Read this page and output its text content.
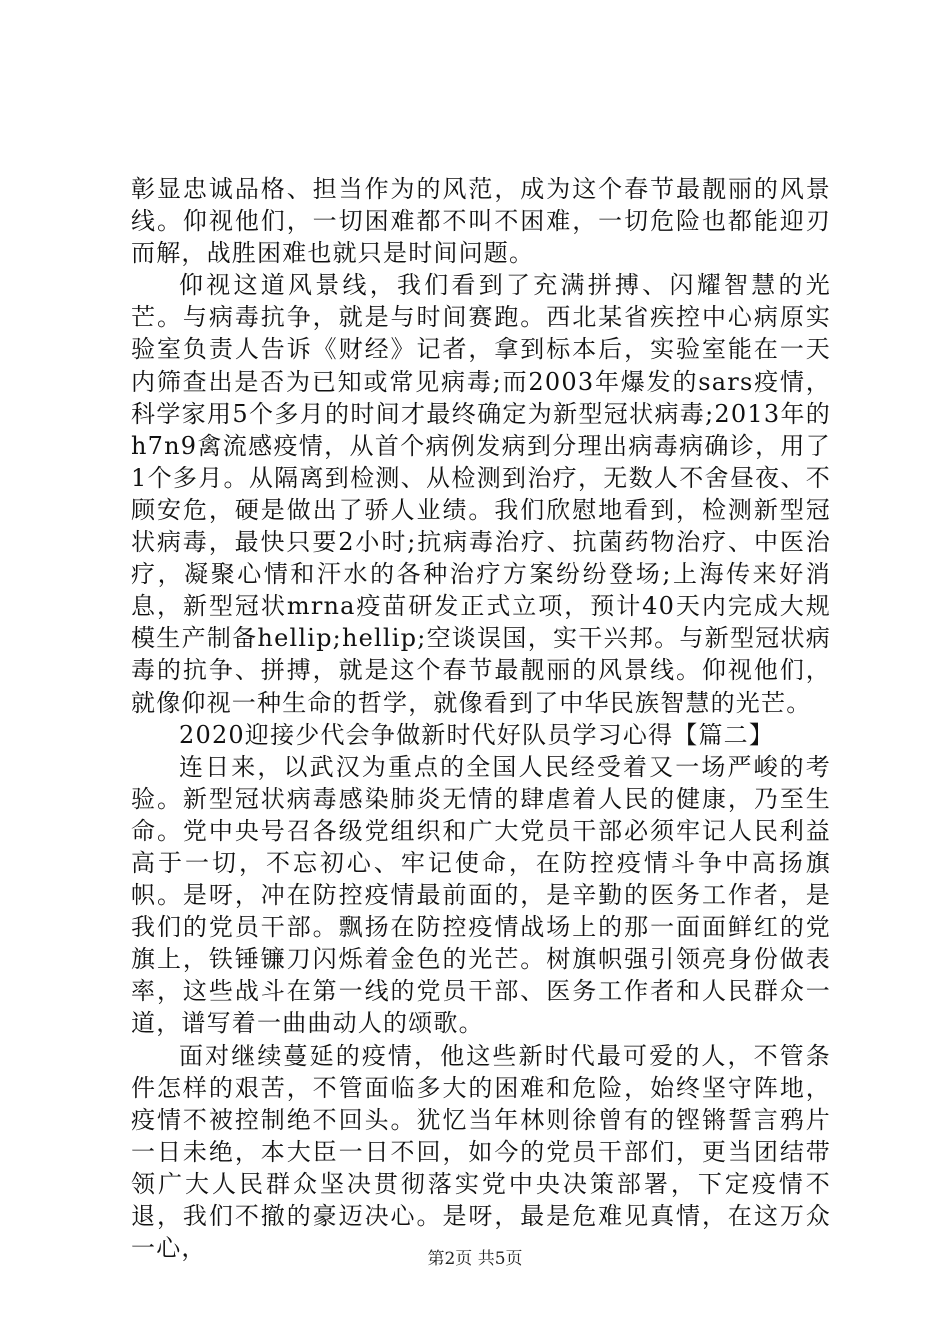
彰显忠诚品格、担当作为的风范，成为这个春节最靓丽的风景线。仰视他们，一切困难都不叫不困难，一切危险也都能迎刃而解，战胜困难也就只是时间问题。

仰视这道风景线，我们看到了充满拼搏、闪耀智慧的光芒。与病毒抗争，就是与时间赛跑。西北某省疾控中心病原实验室负责人告诉《财经》记者，拿到标本后，实验室能在一天内筛查出是否为已知或常见病毒;而2003年爆发的sars疫情，科学家用5个多月的时间才最终确定为新型冠状病毒;2013年的h7n9禽流感疫情，从首个病例发病到分理出病毒病确诊，用了1个多月。从隔离到检测、从检测到治疗，无数人不舍昼夜、不顾安危，硬是做出了骄人业绩。我们欣慰地看到，检测新型冠状病毒，最快只要2小时;抗病毒治疗、抗菌药物治疗、中医治疗，凝聚心情和汗水的各种治疗方案纷纷登场;上海传来好消息，新型冠状mrna疫苗研发正式立项，预计40天内完成大规模生产制备hellip;hellip;空谈误国，实干兴邦。与新型冠状病毒的抗争、拼搏，就是这个春节最靓丽的风景线。仰视他们，就像仰视一种生命的哲学，就像看到了中华民族智慧的光芒。

2020迎接少代会争做新时代好队员学习心得【篇二】

连日来，以武汉为重点的全国人民经受着又一场严峻的考验。新型冠状病毒感染肺炎无情的肆虐着人民的健康，乃至生命。党中央号召各级党组织和广大党员干部必须牢记人民利益高于一切，不忘初心、牢记使命，在防控疫情斗争中高扬旗帜。是呀，冲在防控疫情最前面的，是辛勤的医务工作者，是我们的党员干部。飘扬在防控疫情战场上的那一面面鲜红的党旗上，铁锤镰刀闪烁着金色的光芒。树旗帜强引领亮身份做表率，这些战斗在第一线的党员干部、医务工作者和人民群众一道，谱写着一曲曲动人的颂歌。

面对继续蔓延的疫情，他这些新时代最可爱的人，不管条件怎样的艰苦，不管面临多大的困难和危险，始终坚守阵地，疫情不被控制绝不回头。犹忆当年林则徐曾有的铿锵誓言鸦片一日未绝，本大臣一日不回，如今的党员干部们，更当团结带领广大人民群众坚决贯彻落实党中央决策部署，下定疫情不退，我们不撤的豪迈决心。是呀，最是危难见真情，在这万众一心，	第2页 共5页
